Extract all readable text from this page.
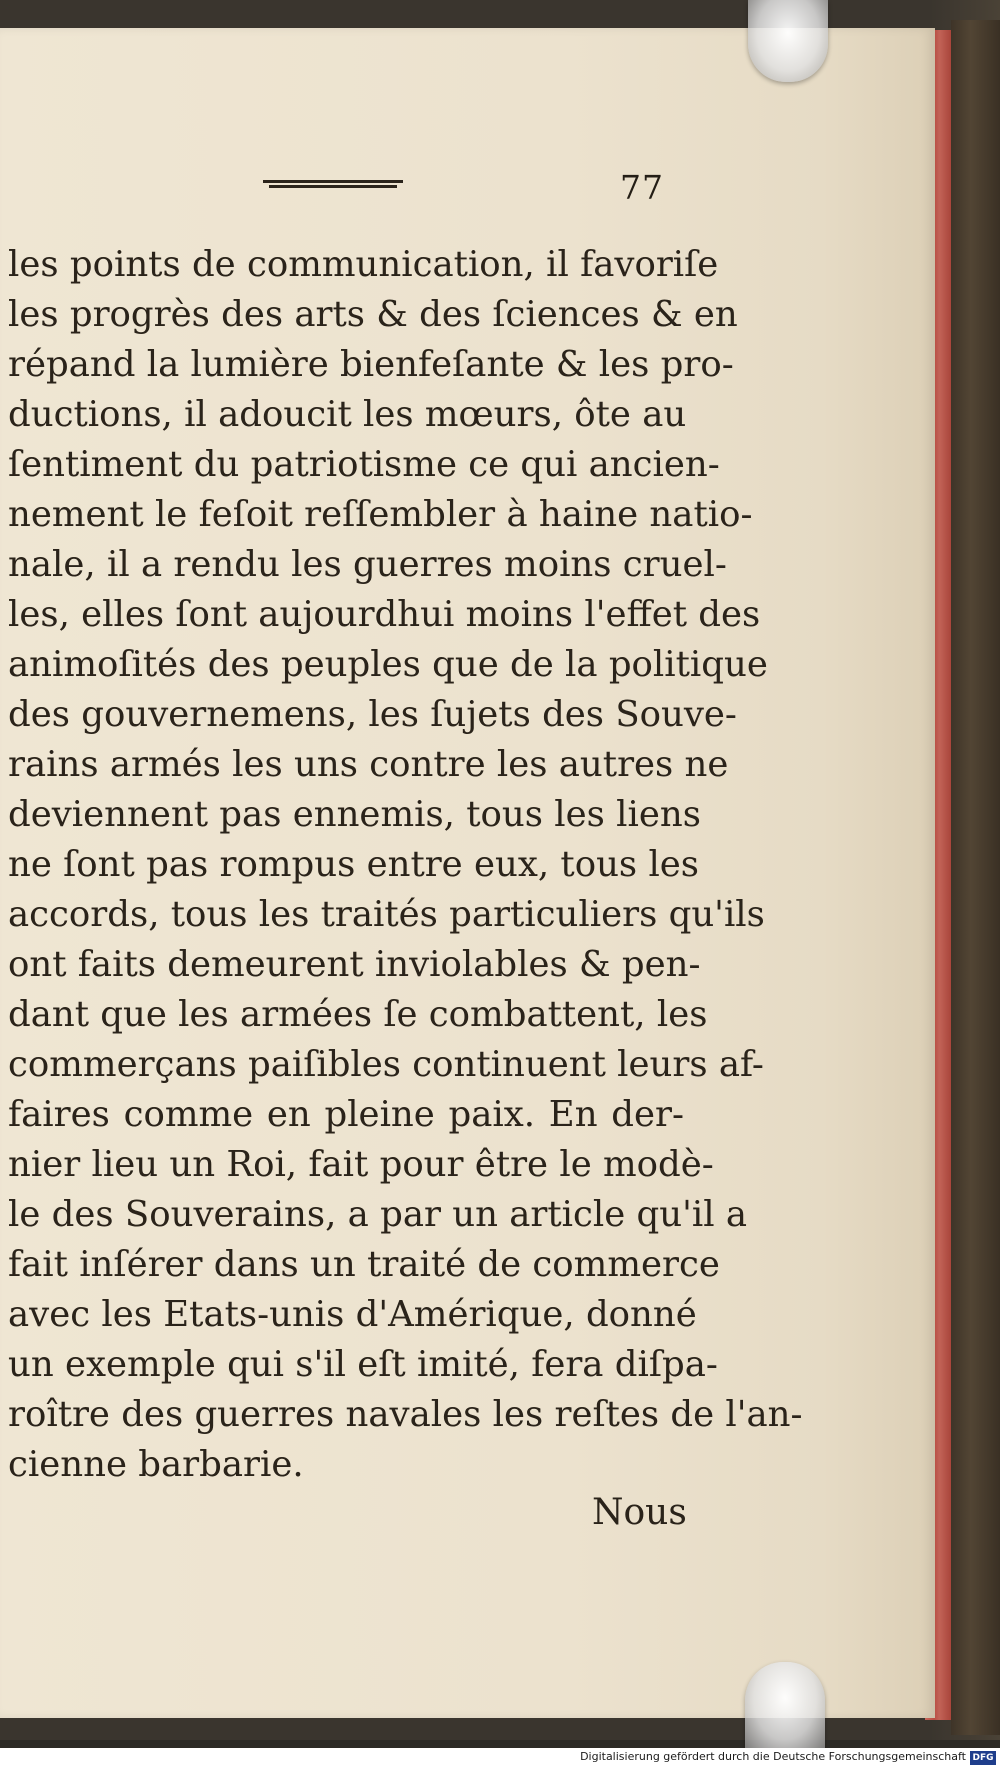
77
les points de communication, il favoriſe
les progrès des arts & des ſciences & en
répand la lumière bienfeſante & les pro-
ductions, il adoucit les mœurs, ôte au
ſentiment du patriotisme ce qui ancien-
nement le feſoit reſſembler à haine natio-
nale, il a rendu les guerres moins cruel-
les, elles ſont aujourdhui moins l'effet des
animoſités des peuples que de la politique
des gouvernemens, les ſujets des Souve-
rains armés les uns contre les autres ne
deviennent pas ennemis, tous les liens
ne ſont pas rompus entre eux, tous les
accords, tous les traités particuliers qu'ils
ont faits demeurent inviolables & pen-
dant que les armées ſe combattent, les
commerçans paiſibles continuent leurs af-
faires comme en pleine paix. En der-
nier lieu un Roi, fait pour être le modè-
le des Souverains, a par un article qu'il a
fait inſérer dans un traité de commerce
avec les Etats-unis d'Amérique, donné
un exemple qui s'il eſt imité, fera diſpa-
roître des guerres navales les reſtes de l'an-
cienne barbarie.
Nous
Digitalisierung gefördert durch die Deutsche Forschungsgemeinschaft DFG
